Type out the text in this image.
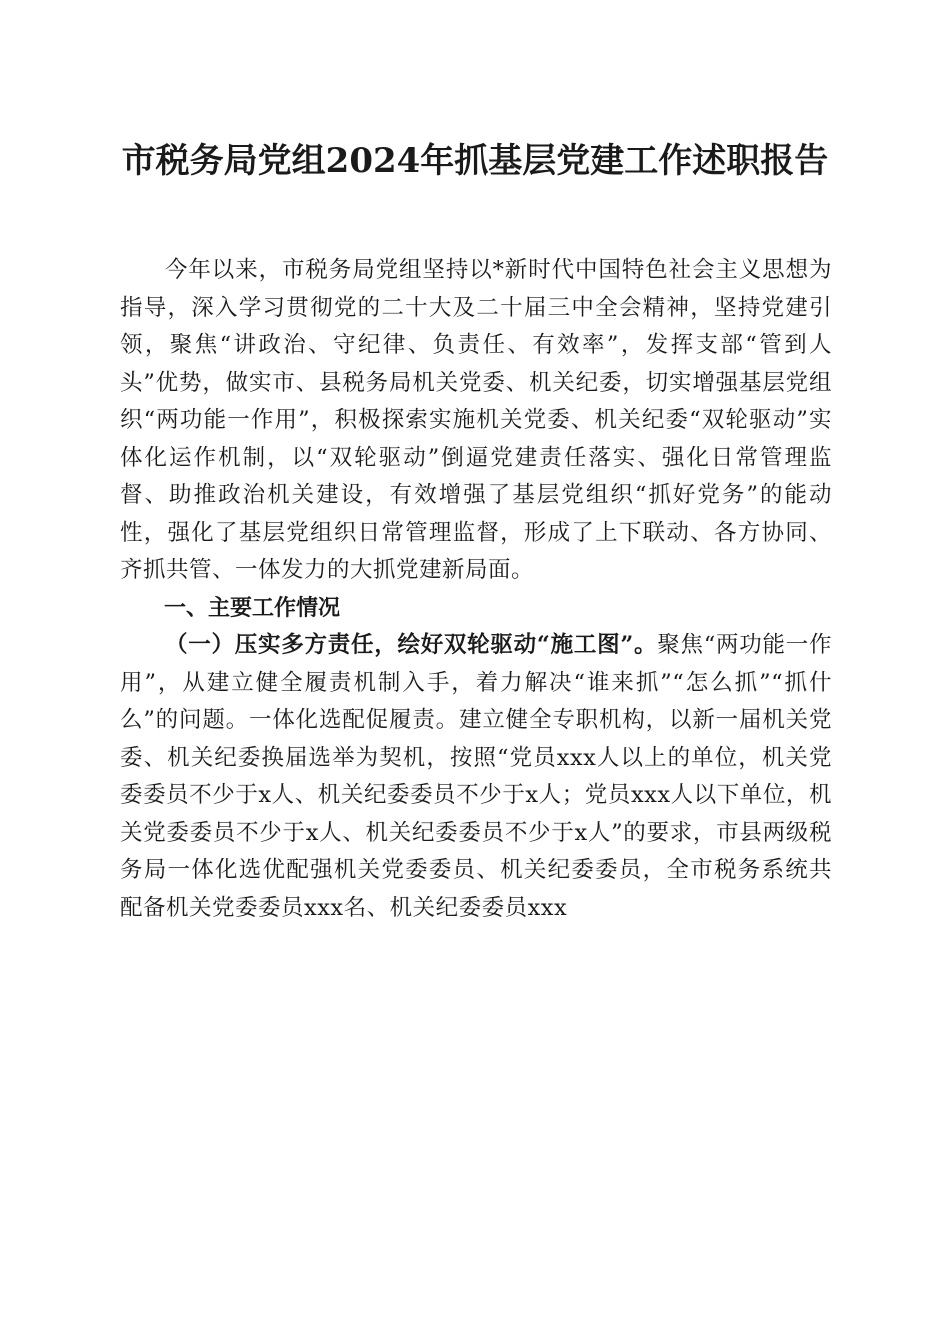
市税务局党组2024年抓基层党建工作述职报告

今年以来，市税务局党组坚持以*新时代中国特色社会主义思想为指导，深入学习贯彻党的二十大及二十届三中全会精神，坚持党建引领，聚焦“讲政治、守纪律、负责任、有效率”，发挥支部“管到人头”优势，做实市、县税务局机关党委、机关纪委，切实增强基层党组织“两功能一作用”，积极探索实施机关党委、机关纪委“双轮驱动”实体化运作机制，以“双轮驱动”倒逼党建责任落实、强化日常管理监督、助推政治机关建设，有效增强了基层党组织“抓好党务”的能动性，强化了基层党组织日常管理监督，形成了上下联动、各方协同、齐抓共管、一体发力的大抓党建新局面。

一、主要工作情况

（一）压实多方责任，绘好双轮驱动“施工图”。聚焦“两功能一作用”，从建立健全履责机制入手，着力解决“谁来抓”“怎么抓”“抓什么”的问题。一体化选配促履责。建立健全专职机构，以新一届机关党委、机关纪委换届选举为契机，按照“党员xxx人以上的单位，机关党委委员不少于x人、机关纪委委员不少于x人；党员xxx人以下单位，机关党委委员不少于x人、机关纪委委员不少于x人”的要求，市县两级税务局一体化选优配强机关党委委员、机关纪委委员，全市税务系统共配备机关党委委员xxx名、机关纪委委员xxx
